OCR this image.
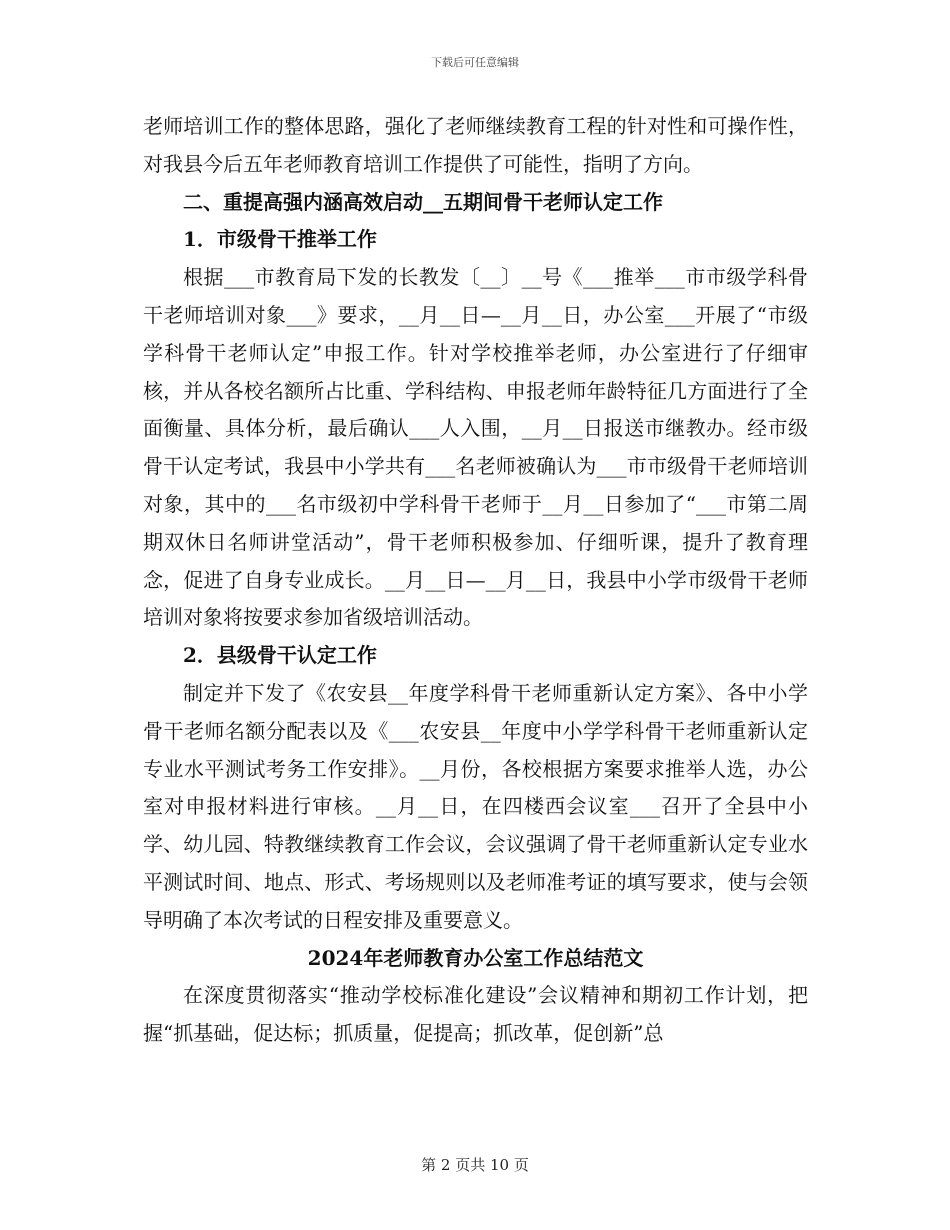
下载后可任意编辑

老师培训工作的整体思路，强化了老师继续教育工程的针对性和可操作性，对我县今后五年老师教育培训工作提供了可能性，指明了方向。

二、重提高强内涵高效启动__五期间骨干老师认定工作

1．市级骨干推举工作

根据___市教育局下发的长教发〔__〕__号《___推举___市市级学科骨干老师培训对象___》要求，__月__日—__月__日，办公室___开展了“市级学科骨干老师认定”申报工作。针对学校推举老师，办公室进行了仔细审核，并从各校名额所占比重、学科结构、申报老师年龄特征几方面进行了全面衡量、具体分析，最后确认___人入围，__月__日报送市继教办。经市级骨干认定考试，我县中小学共有___名老师被确认为___市市级骨干老师培训对象，其中的___名市级初中学科骨干老师于__月__日参加了“___市第二周期双休日名师讲堂活动”，骨干老师积极参加、仔细听课，提升了教育理念，促进了自身专业成长。__月__日—__月__日，我县中小学市级骨干老师培训对象将按要求参加省级培训活动。

2．县级骨干认定工作

制定并下发了《农安县__年度学科骨干老师重新认定方案》、各中小学骨干老师名额分配表以及《___农安县__年度中小学学科骨干老师重新认定专业水平测试考务工作安排》。__月份，各校根据方案要求推举人选，办公室对申报材料进行审核。__月__日，在四楼西会议室___召开了全县中小学、幼儿园、特教继续教育工作会议，会议强调了骨干老师重新认定专业水平测试时间、地点、形式、考场规则以及老师准考证的填写要求，使与会领导明确了本次考试的日程安排及重要意义。

2024年老师教育办公室工作总结范文

在深度贯彻落实“推动学校标准化建设”会议精神和期初工作计划，把握“抓基础，促达标；抓质量，促提高；抓改革，促创新”总

第 2 页共 10 页
